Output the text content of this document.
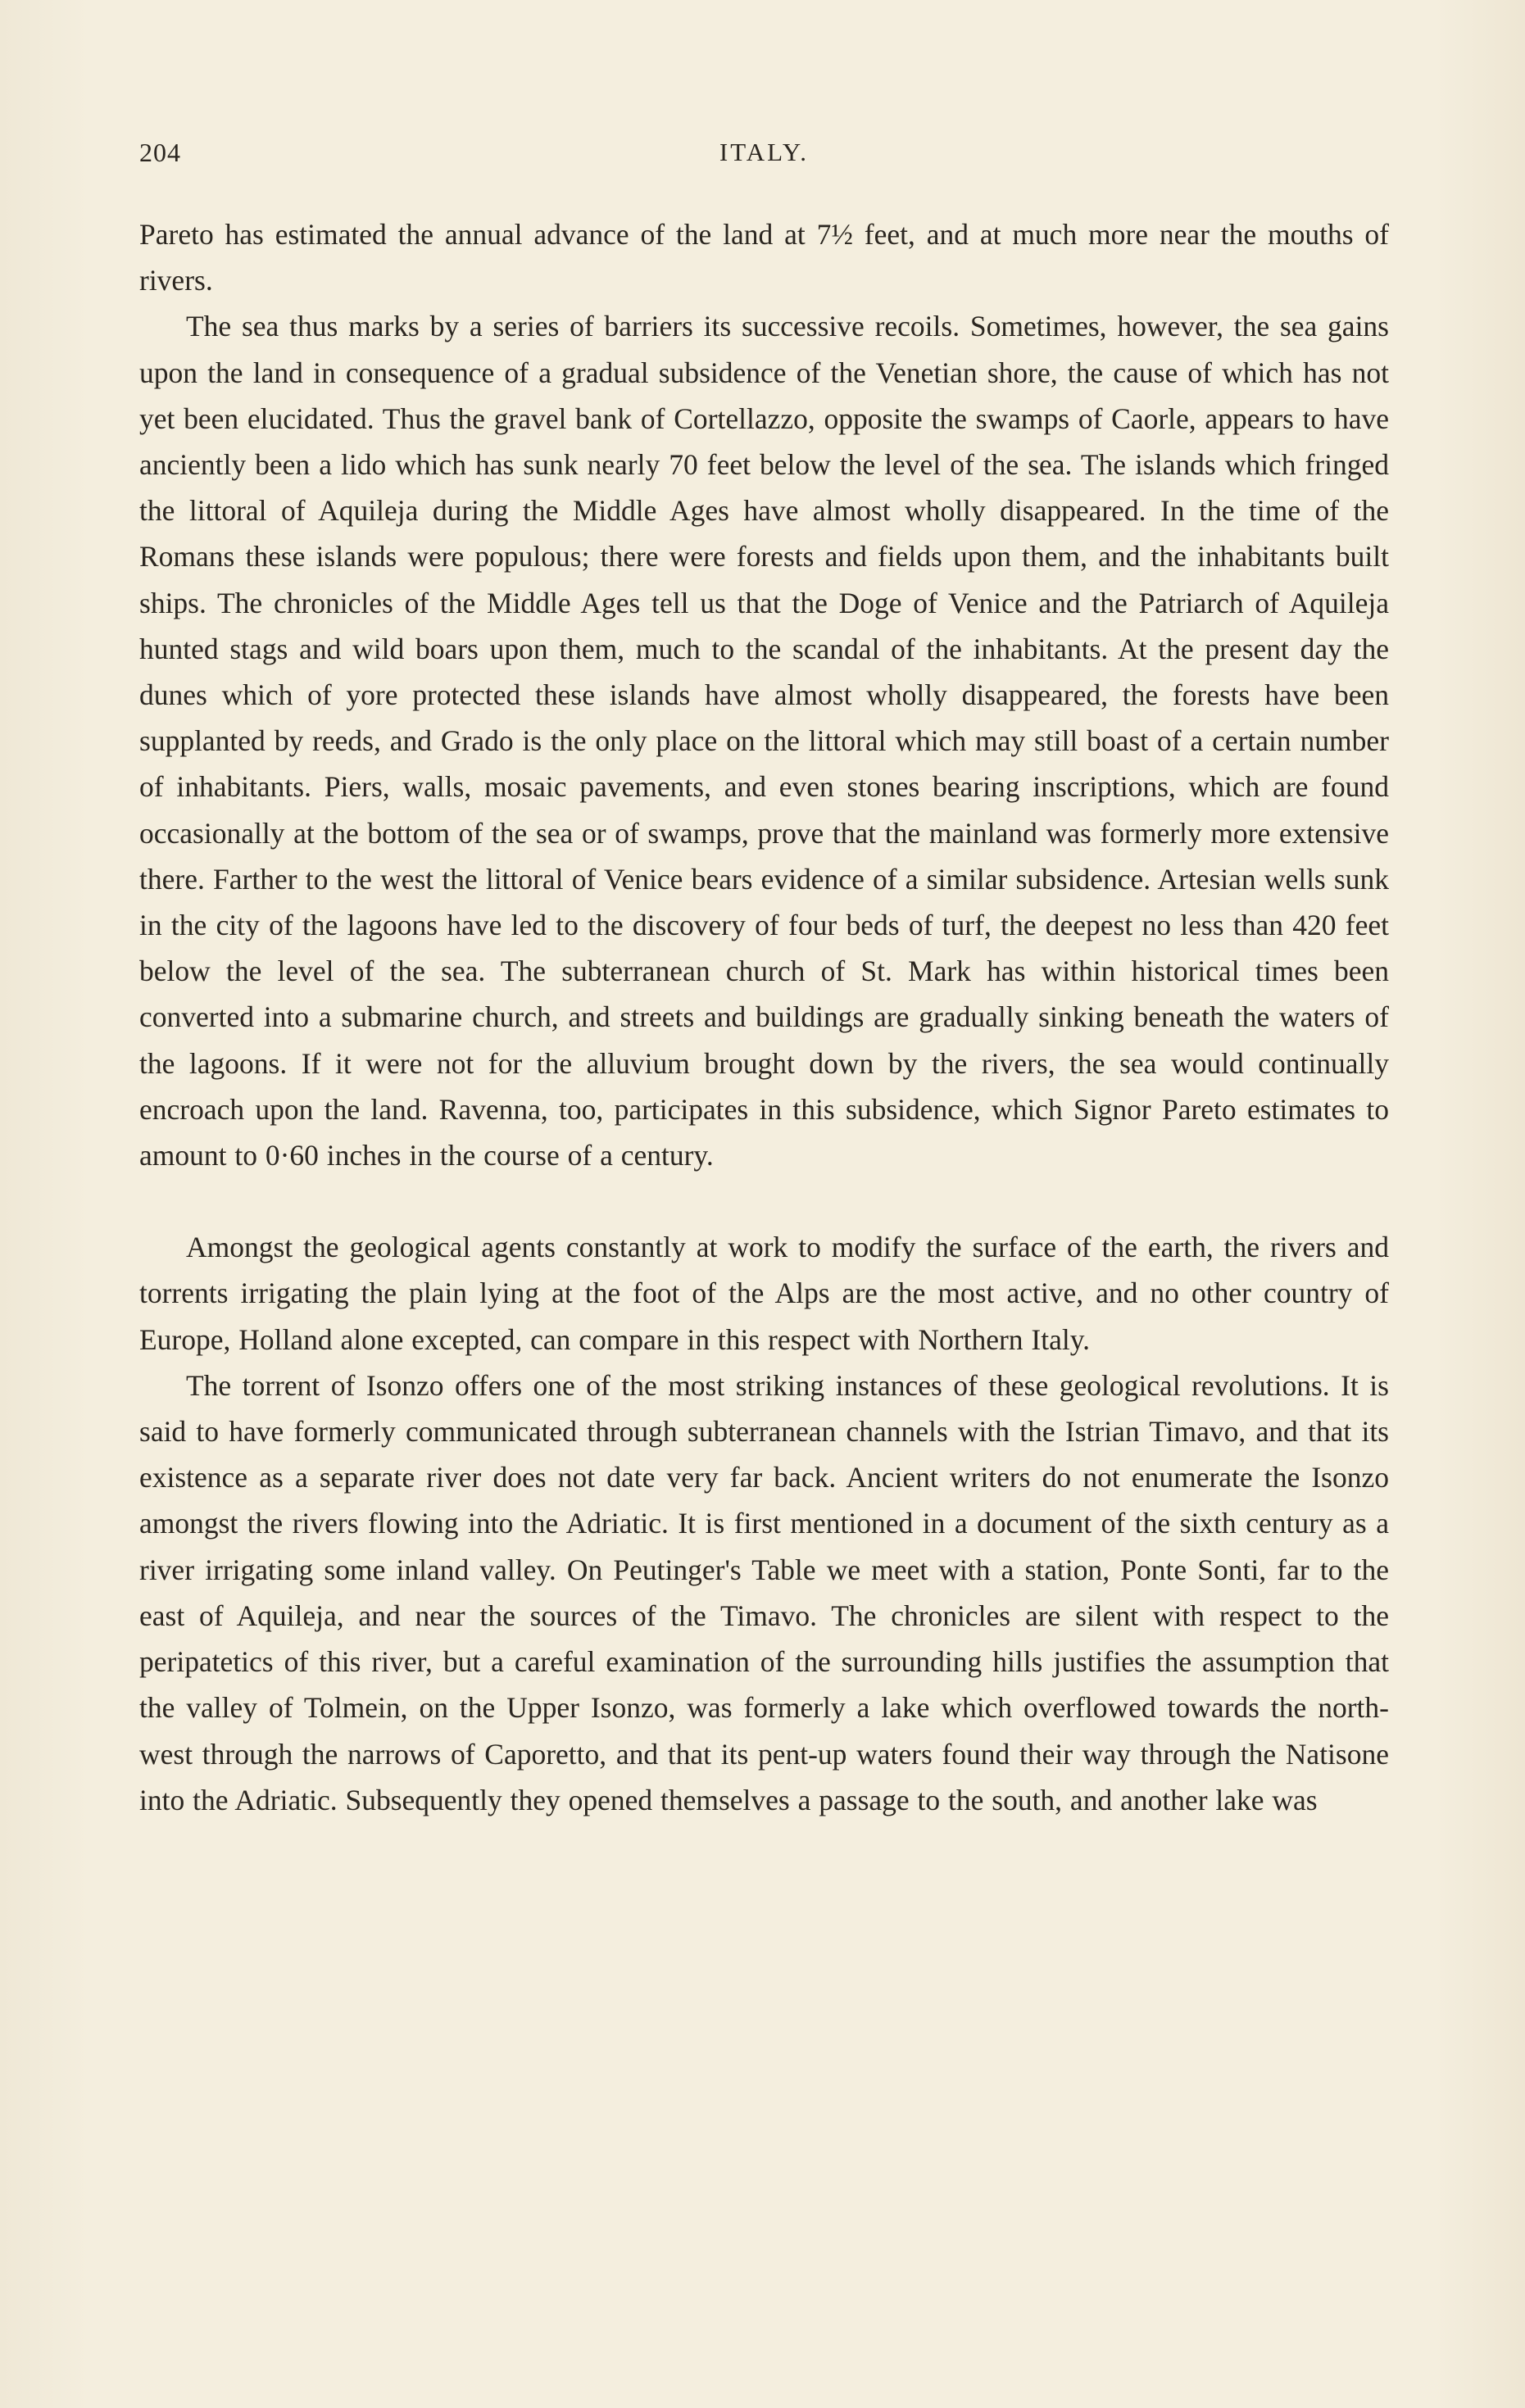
204	ITALY.

Pareto has estimated the annual advance of the land at 7½ feet, and at much more near the mouths of rivers.

The sea thus marks by a series of barriers its successive recoils. Sometimes, however, the sea gains upon the land in consequence of a gradual subsidence of the Venetian shore, the cause of which has not yet been elucidated. Thus the gravel bank of Cortellazzo, opposite the swamps of Caorle, appears to have anciently been a lido which has sunk nearly 70 feet below the level of the sea. The islands which fringed the littoral of Aquileja during the Middle Ages have almost wholly disappeared. In the time of the Romans these islands were populous; there were forests and fields upon them, and the inhabitants built ships. The chronicles of the Middle Ages tell us that the Doge of Venice and the Patriarch of Aquileja hunted stags and wild boars upon them, much to the scandal of the inhabitants. At the present day the dunes which of yore protected these islands have almost wholly disappeared, the forests have been supplanted by reeds, and Grado is the only place on the littoral which may still boast of a certain number of inhabitants. Piers, walls, mosaic pavements, and even stones bearing inscriptions, which are found occasionally at the bottom of the sea or of swamps, prove that the mainland was formerly more extensive there. Farther to the west the littoral of Venice bears evidence of a similar subsidence. Artesian wells sunk in the city of the lagoons have led to the discovery of four beds of turf, the deepest no less than 420 feet below the level of the sea. The subterranean church of St. Mark has within historical times been converted into a submarine church, and streets and buildings are gradually sinking beneath the waters of the lagoons. If it were not for the alluvium brought down by the rivers, the sea would continually encroach upon the land. Ravenna, too, participates in this subsidence, which Signor Pareto estimates to amount to 0·60 inches in the course of a century.

Amongst the geological agents constantly at work to modify the surface of the earth, the rivers and torrents irrigating the plain lying at the foot of the Alps are the most active, and no other country of Europe, Holland alone excepted, can compare in this respect with Northern Italy.

The torrent of Isonzo offers one of the most striking instances of these geological revolutions. It is said to have formerly communicated through subterranean channels with the Istrian Timavo, and that its existence as a separate river does not date very far back. Ancient writers do not enumerate the Isonzo amongst the rivers flowing into the Adriatic. It is first mentioned in a document of the sixth century as a river irrigating some inland valley. On Peutinger's Table we meet with a station, Ponte Sonti, far to the east of Aquileja, and near the sources of the Timavo. The chronicles are silent with respect to the peripatetics of this river, but a careful examination of the surrounding hills justifies the assumption that the valley of Tolmein, on the Upper Isonzo, was formerly a lake which overflowed towards the north-west through the narrows of Caporetto, and that its pent-up waters found their way through the Natisone into the Adriatic. Subsequently they opened themselves a passage to the south, and another lake was
